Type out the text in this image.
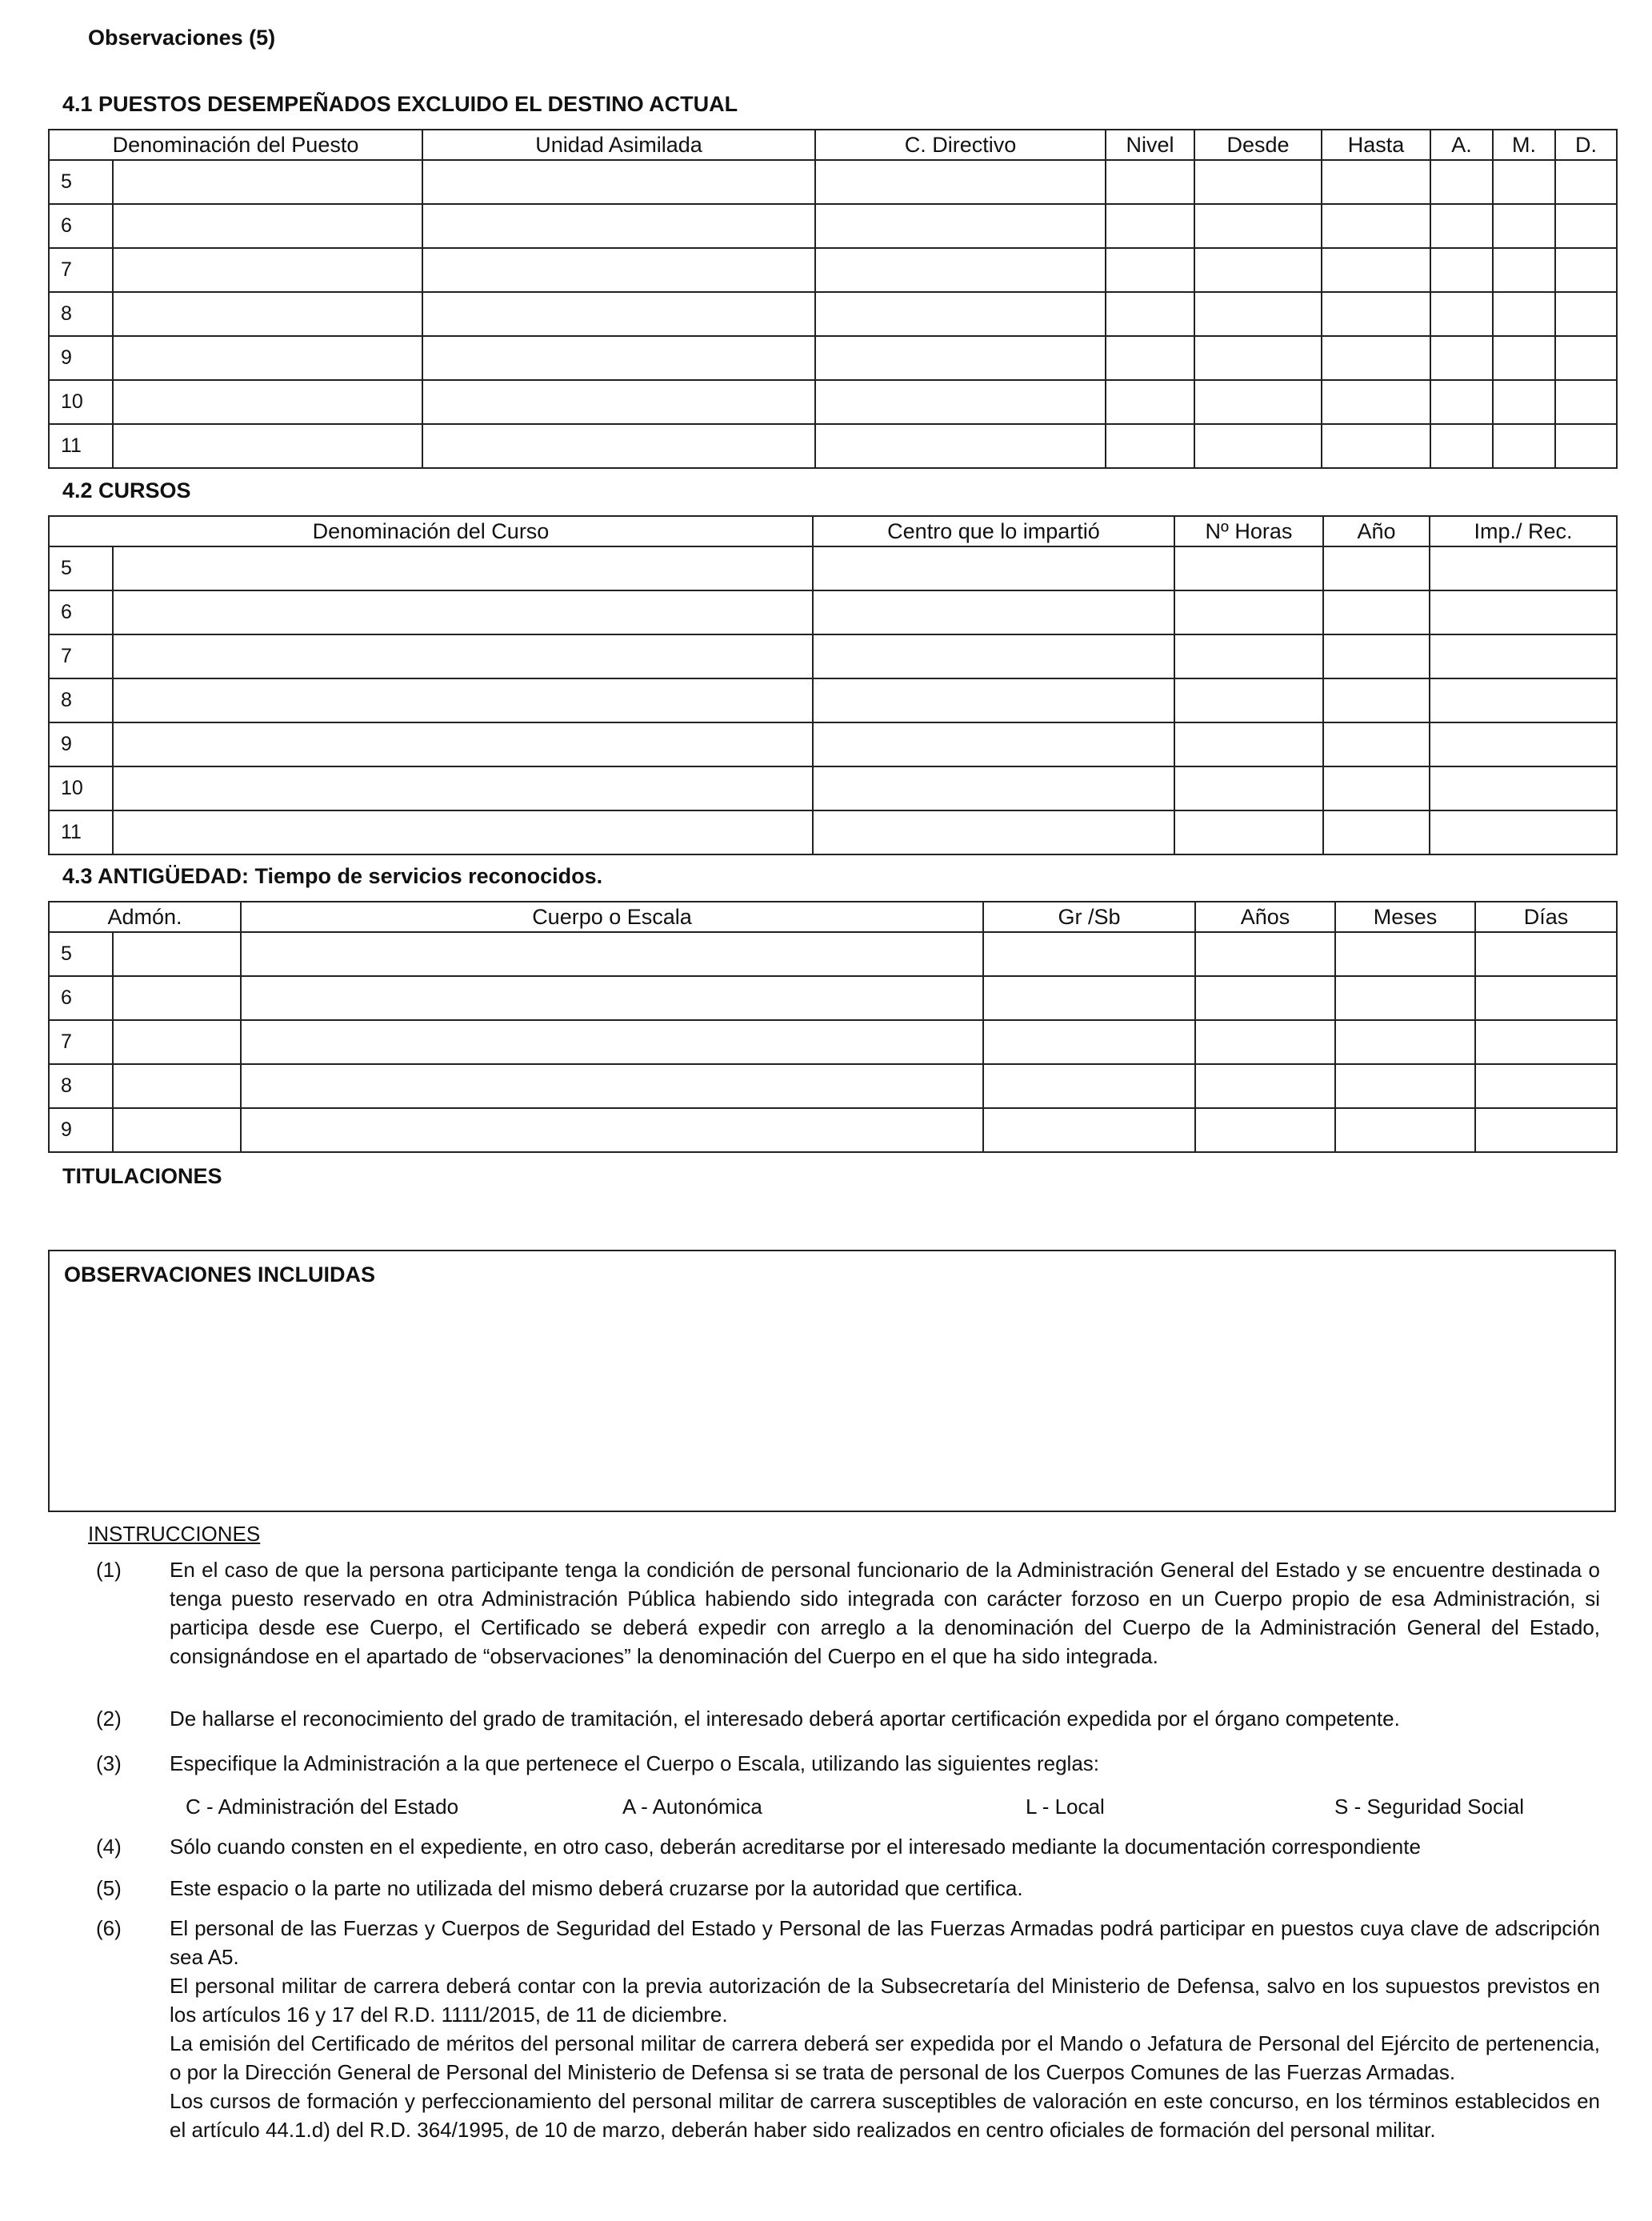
Observaciones (5)
4.1 PUESTOS DESEMPEÑADOS EXCLUIDO EL DESTINO ACTUAL
Denominación del Puesto		Unidad Asimilada	C. Directivo	Nivel	Desde	Hasta	A.	M.	D.
5									
6									
7									
8									
9									
10									
11									
4.2 CURSOS
Denominación del Curso		Centro que lo impartió	Nº Horas	Año	Imp./ Rec.
5					
6					
7					
8					
9					
10					
11					
4.3 ANTIGÜEDAD: Tiempo de servicios reconocidos.
Admón.		Cuerpo o Escala	Gr /Sb	Años	Meses	Días
5						
6						
7						
8						
9						
TITULACIONES
OBSERVACIONES INCLUIDAS
INSTRUCCIONES
(1) En el caso de que la persona participante tenga la condición de personal funcionario de la Administración General del Estado y se encuentre destinada o tenga puesto reservado en otra Administración Pública habiendo sido integrada con carácter forzoso en un Cuerpo propio de esa Administración, si participa desde ese Cuerpo, el Certificado se deberá expedir con arreglo a la denominación del Cuerpo de la Administración General del Estado, consignándose en el apartado de “observaciones” la denominación del Cuerpo en el que ha sido integrada.
(2) De hallarse el reconocimiento del grado de tramitación, el interesado deberá aportar certificación expedida por el órgano competente.
(3) Especifique la Administración a la que pertenece el Cuerpo o Escala, utilizando las siguientes reglas:
C - Administración del Estado	A - Autonómica	L - Local	S - Seguridad Social
(4) Sólo cuando consten en el expediente, en otro caso, deberán acreditarse por el interesado mediante la documentación correspondiente
(5) Este espacio o la parte no utilizada del mismo deberá cruzarse por la autoridad que certifica.
(6) El personal de las Fuerzas y Cuerpos de Seguridad del Estado y Personal de las Fuerzas Armadas podrá participar en puestos cuya clave de adscripción sea A5.
El personal militar de carrera deberá contar con la previa autorización de la Subsecretaría del Ministerio de Defensa, salvo en los supuestos previstos en los artículos 16 y 17 del R.D. 1111/2015, de 11 de diciembre.
La emisión del Certificado de méritos del personal militar de carrera deberá ser expedida por el Mando o Jefatura de Personal del Ejército de pertenencia, o por la Dirección General de Personal del Ministerio de Defensa si se trata de personal de los Cuerpos Comunes de las Fuerzas Armadas.
Los cursos de formación y perfeccionamiento del personal militar de carrera susceptibles de valoración en este concurso, en los términos establecidos en el artículo 44.1.d) del R.D. 364/1995, de 10 de marzo, deberán haber sido realizados en centro oficiales de formación del personal militar.
